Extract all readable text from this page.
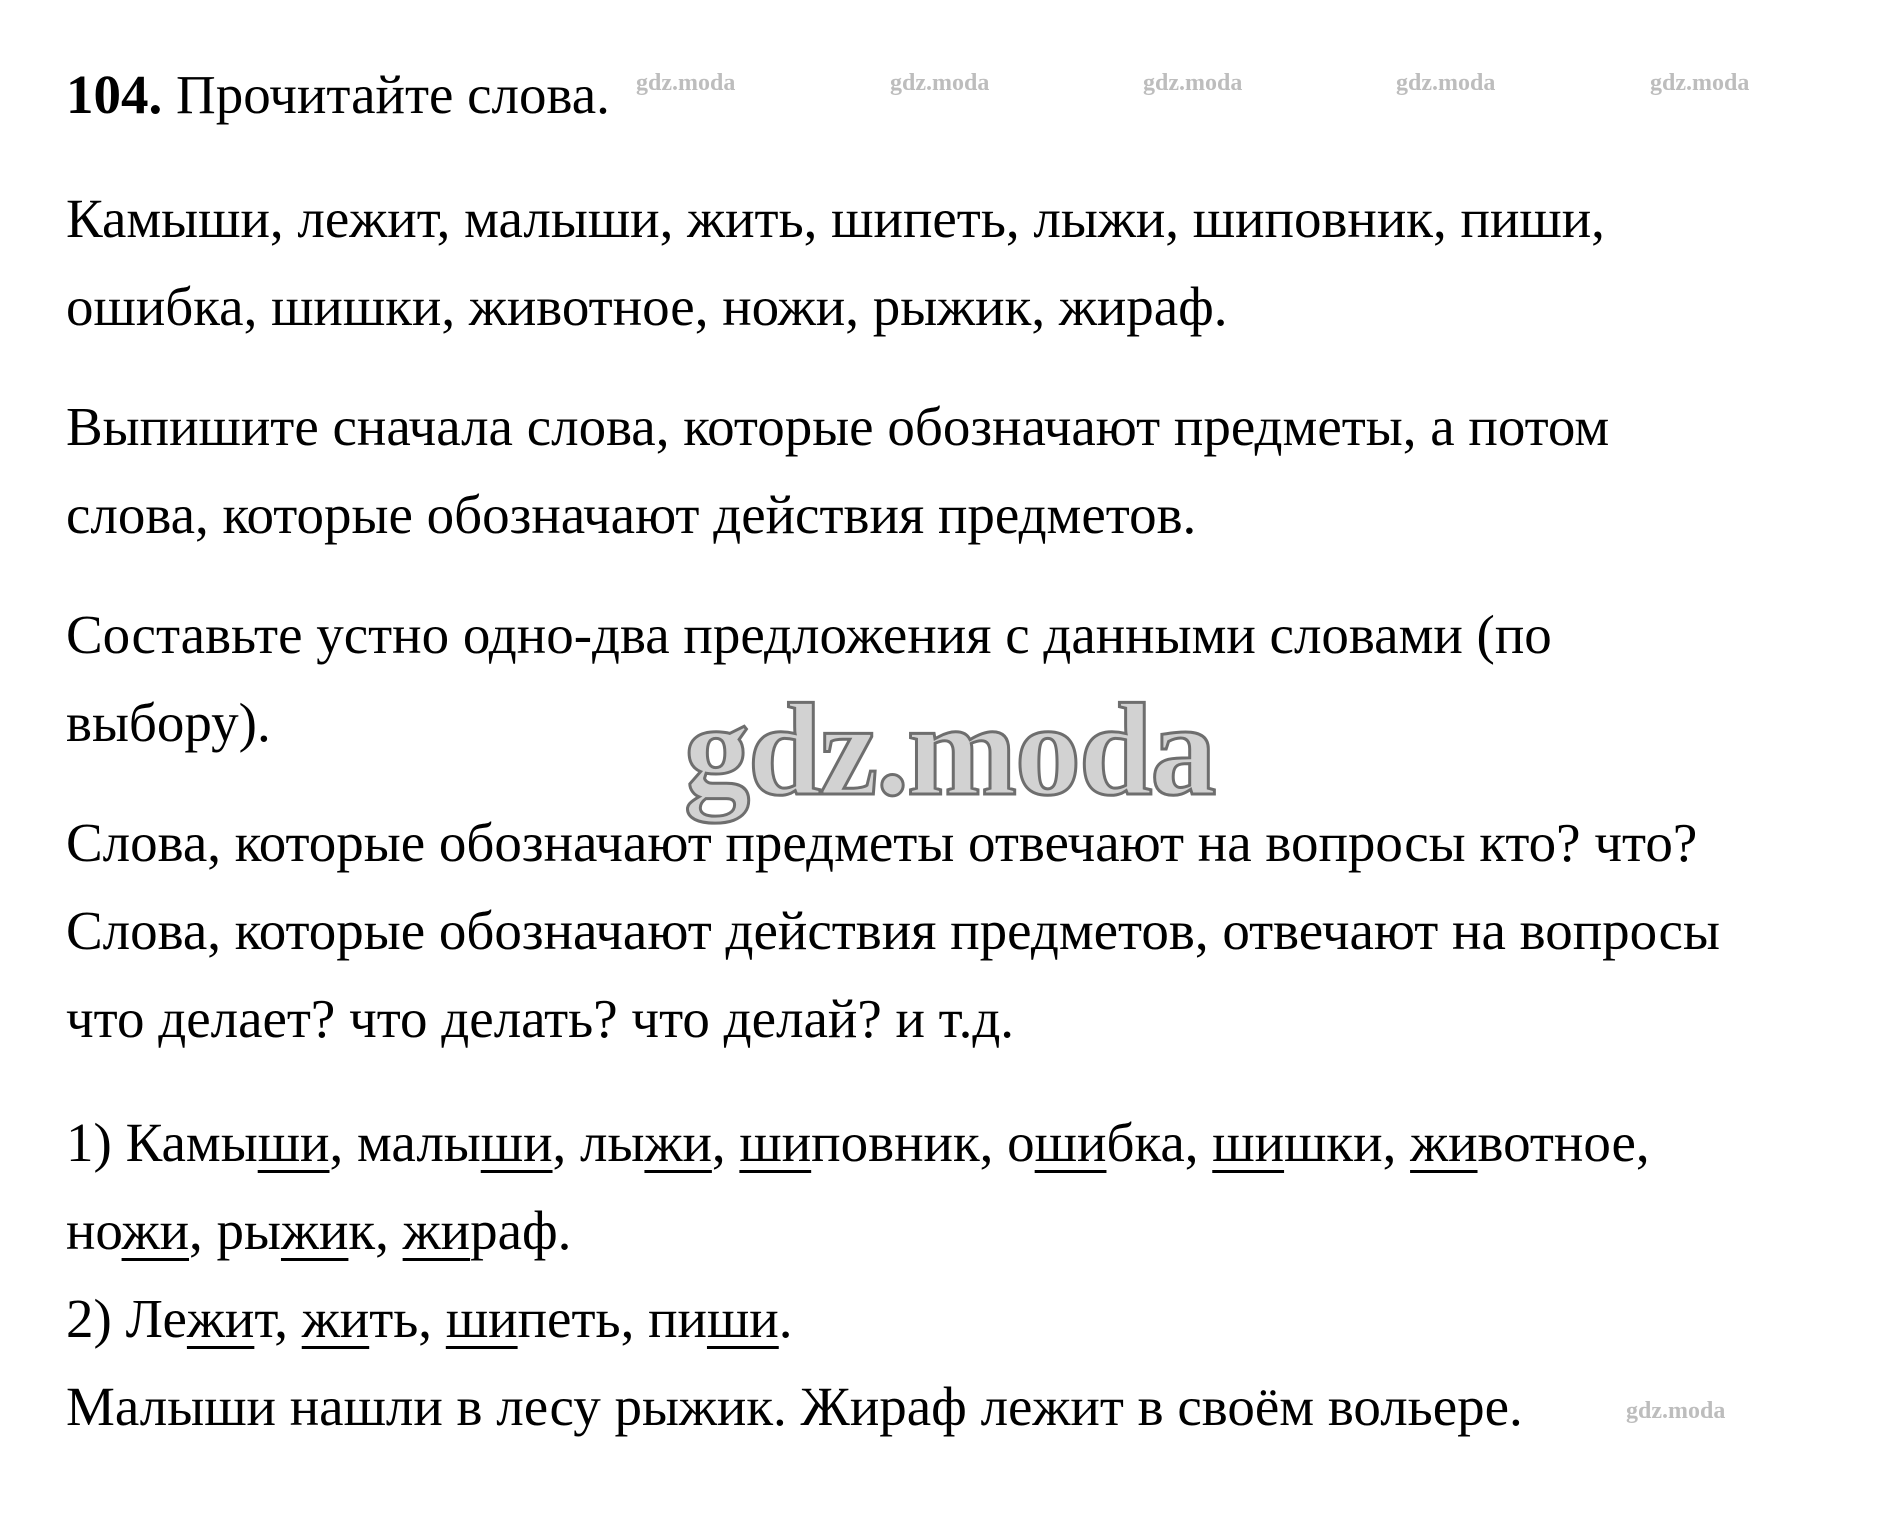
104. Прочитайте слова. gdz.moda	gdz.moda	gdz.moda	gdz.moda	gdz.moda
Камыши, лежит, малыши, жить, шипеть, лыжи, шиповник, пиши,
ошибка, шишки, животное, ножи, рыжик, жираф.
Выпишите сначала слова, которые обозначают предметы, а потом
слова, которые обозначают действия предметов.
Составьте устно одно-два предложения с данными словами (по
выбору).	gdz.moda
Слова, которые обозначают предметы отвечают на вопросы кто? что?
Слова, которые обозначают действия предметов, отвечают на вопросы
что делает? что делать? что делай? и т.д.
1) Камыши, малыши, лыжи, шиповник, ошибка, шишки, животное,
ножи, рыжик, жираф.
2) Лежит, жить, шипеть, пиши.
Малыши нашли в лесу рыжик. Жираф лежит в своём вольере.	gdz.moda
